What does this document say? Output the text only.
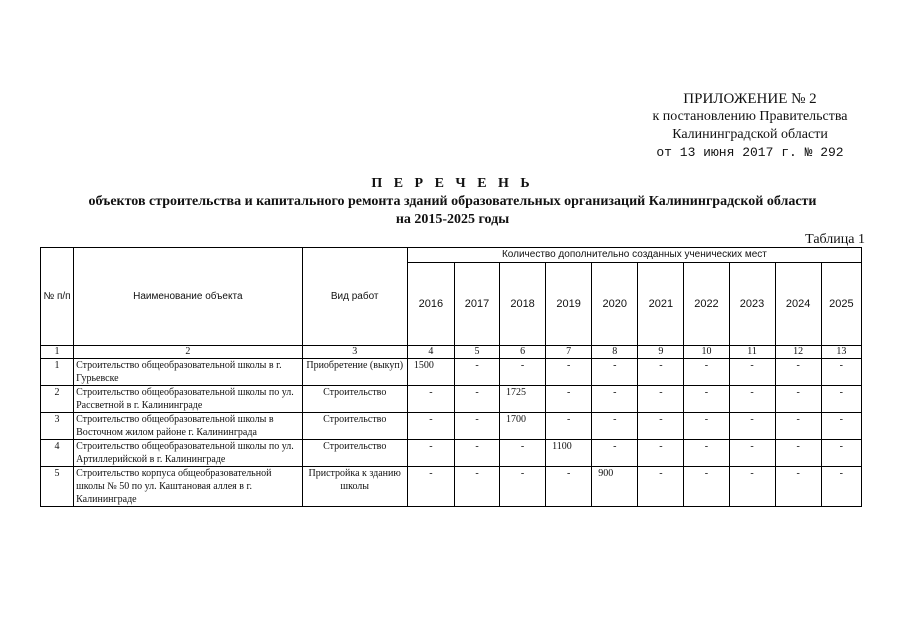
ПРИЛОЖЕНИЕ № 2
к постановлению Правительства
Калининградской области
от 13 июня 2017 г. № 292
П Е Р Е Ч Е Н Ь
объектов строительства и капитального ремонта зданий образовательных организаций Калининградской области
на 2015-2025 годы
Таблица 1
№ п/п	Наименование объекта	Вид работ	Количество дополнительно созданных ученических мест									
			2016	2017	2018	2019	2020	2021	2022	2023	2024	2025
1	2	3	4	5	6	7	8	9	10	11	12	13
1	Строительство общеобразовательной школы в г. Гурьевске	Приобретение (выкуп)	1500	-	-	-	-	-	-	-	-	-
2	Строительство общеобразовательной школы по ул. Рассветной в г. Калининграде	Строительство	-	-	1725	-	-	-	-	-	-	-
3	Строительство общеобразовательной школы в Восточном жилом районе г. Калининграда	Строительство	-	-	1700	-	-	-	-	-	-	-
4	Строительство общеобразовательной школы по ул. Артиллерийской в г. Калининграде	Строительство	-	-	-	1100	-	-	-	-	-	-
5	Строительство корпуса общеобразовательной школы № 50 по ул. Каштановая аллея в г. Калининграде	Пристройка к зданию школы	-	-	-	-	900	-	-	-	-	-
